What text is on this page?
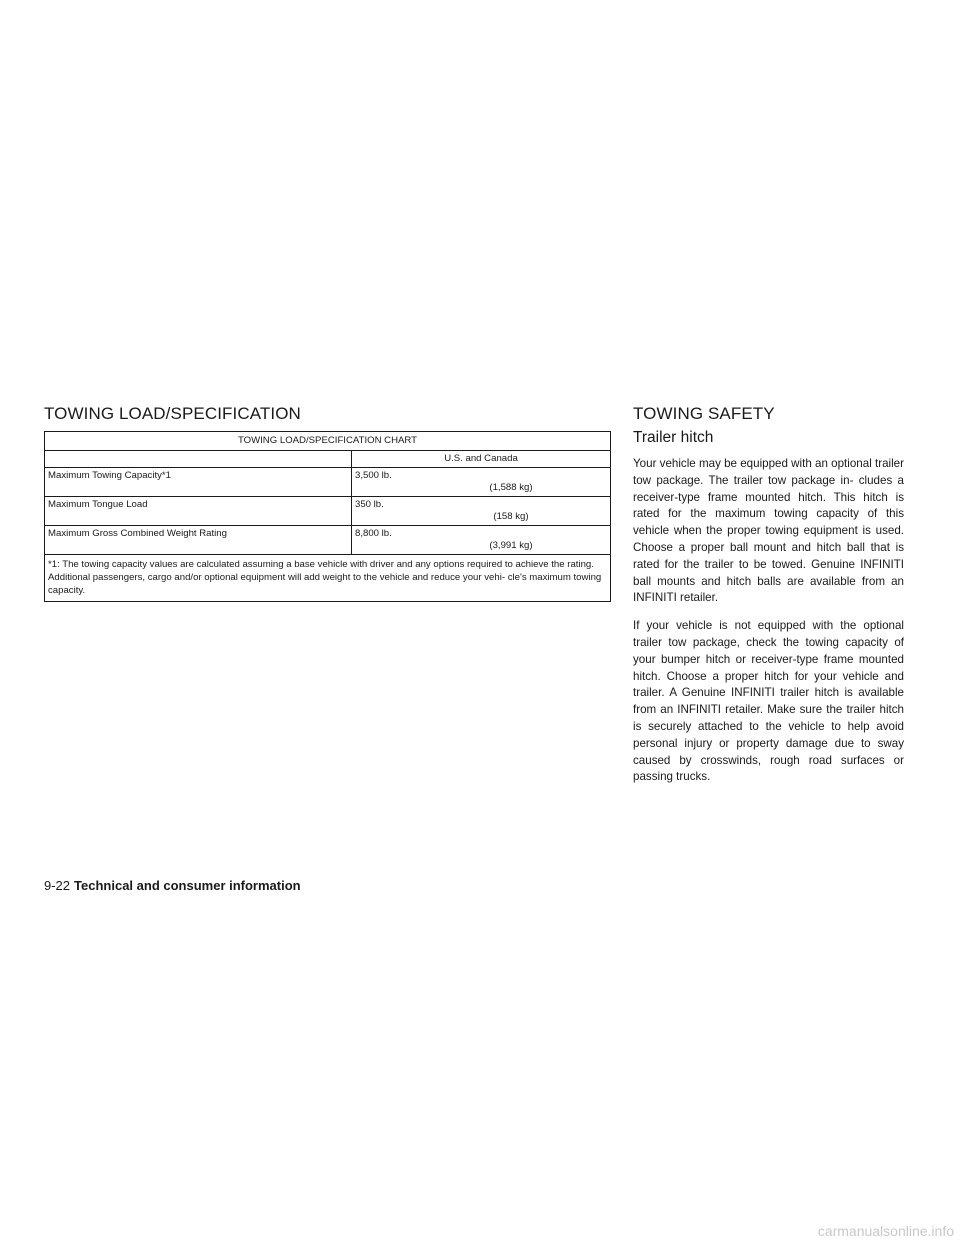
TOWING LOAD/SPECIFICATION
TOWING LOAD/SPECIFICATION CHART	
	U.S. and Canada
Maximum Towing Capacity*1	3,500 lb.
(1,588 kg)

Maximum Tongue Load	350 lb.
(158 kg)

Maximum Gross Combined Weight Rating	8,800 lb.
(3,991 kg)

*1: The towing capacity values are calculated assuming a base vehicle with driver and any options required to achieve the rating. Additional passengers, cargo and/or optional equipment will add weight to the vehicle and reduce your vehi- cle's maximum towing capacity.	
TOWING SAFETY
Trailer hitch

Your vehicle may be equipped with an optional trailer tow package. The trailer tow package in- cludes a receiver-type frame mounted hitch. This hitch is rated for the maximum towing capacity of this vehicle when the proper towing equipment is used. Choose a proper ball mount and hitch ball that is rated for the trailer to be towed. Genuine INFINITI ball mounts and hitch balls are available from an INFINITI retailer.

If your vehicle is not equipped with the optional trailer tow package, check the towing capacity of your bumper hitch or receiver-type frame mounted hitch. Choose a proper hitch for your vehicle and trailer. A Genuine INFINITI trailer hitch is available from an INFINITI retailer. Make sure the trailer hitch is securely attached to the vehicle to help avoid personal injury or property damage due to sway caused by crosswinds, rough road surfaces or passing trucks.

9-22 Technical and consumer information
carmanualsonline.info
